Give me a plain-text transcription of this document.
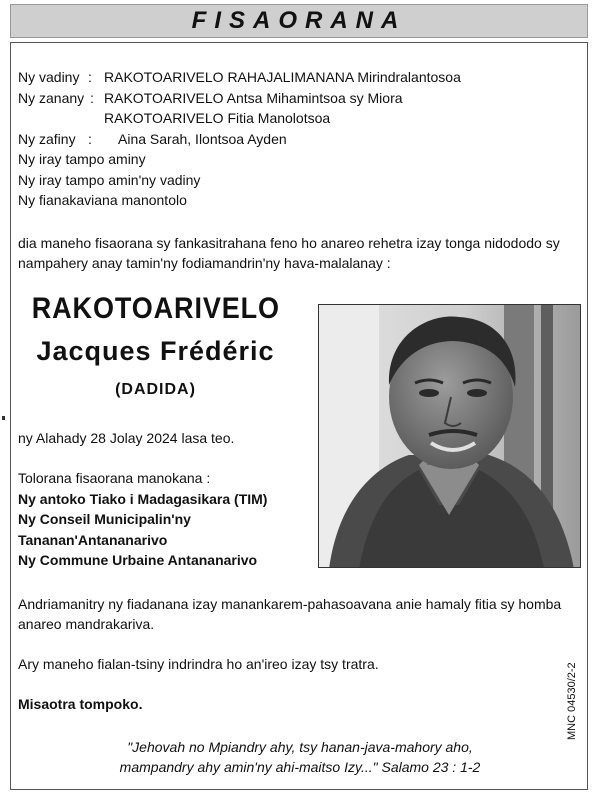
FISAORANA
Ny vadiny : RAKOTOARIVELO RAHAJALIMANANA Mirindralantosoa
Ny zanany : RAKOTOARIVELO Antsa Mihamintsoa sy Miora
RAKOTOARIVELO Fitia Manolotsoa
Ny zafiny : Aina Sarah, Ilontsoa Ayden
Ny iray tampo aminy
Ny iray tampo amin'ny vadiny
Ny fianakaviana manontolo
dia maneho fisaorana sy fankasitrahana feno ho anareo rehetra izay tonga nidododo sy nampahery anay tamin'ny fodiamandrin'ny hava-malalanay :
RAKOTOARIVELO
Jacques Frédéric
(DADIDA)
ny Alahady 28 Jolay 2024 lasa teo.
Tolorana fisaorana manokana :
Ny antoko Tiako i Madagasikara (TIM)
Ny Conseil Municipalin'ny
Tananan'Antananarivo
Ny Commune Urbaine Antananarivo
Andriamanitry ny fiadanana izay manankarem-pahasoavana anie hamaly fitia sy homba anareo mandrakariva.
Ary maneho fialan-tsiny indrindra ho an'ireo izay tsy tratra.
Misaotra tompoko.
"Jehovah no Mpiandry ahy, tsy hanan-java-mahory aho,
mampandry ahy amin'ny ahi-maitso Izy..." Salamo 23 : 1-2
MNC 04530/2-2
